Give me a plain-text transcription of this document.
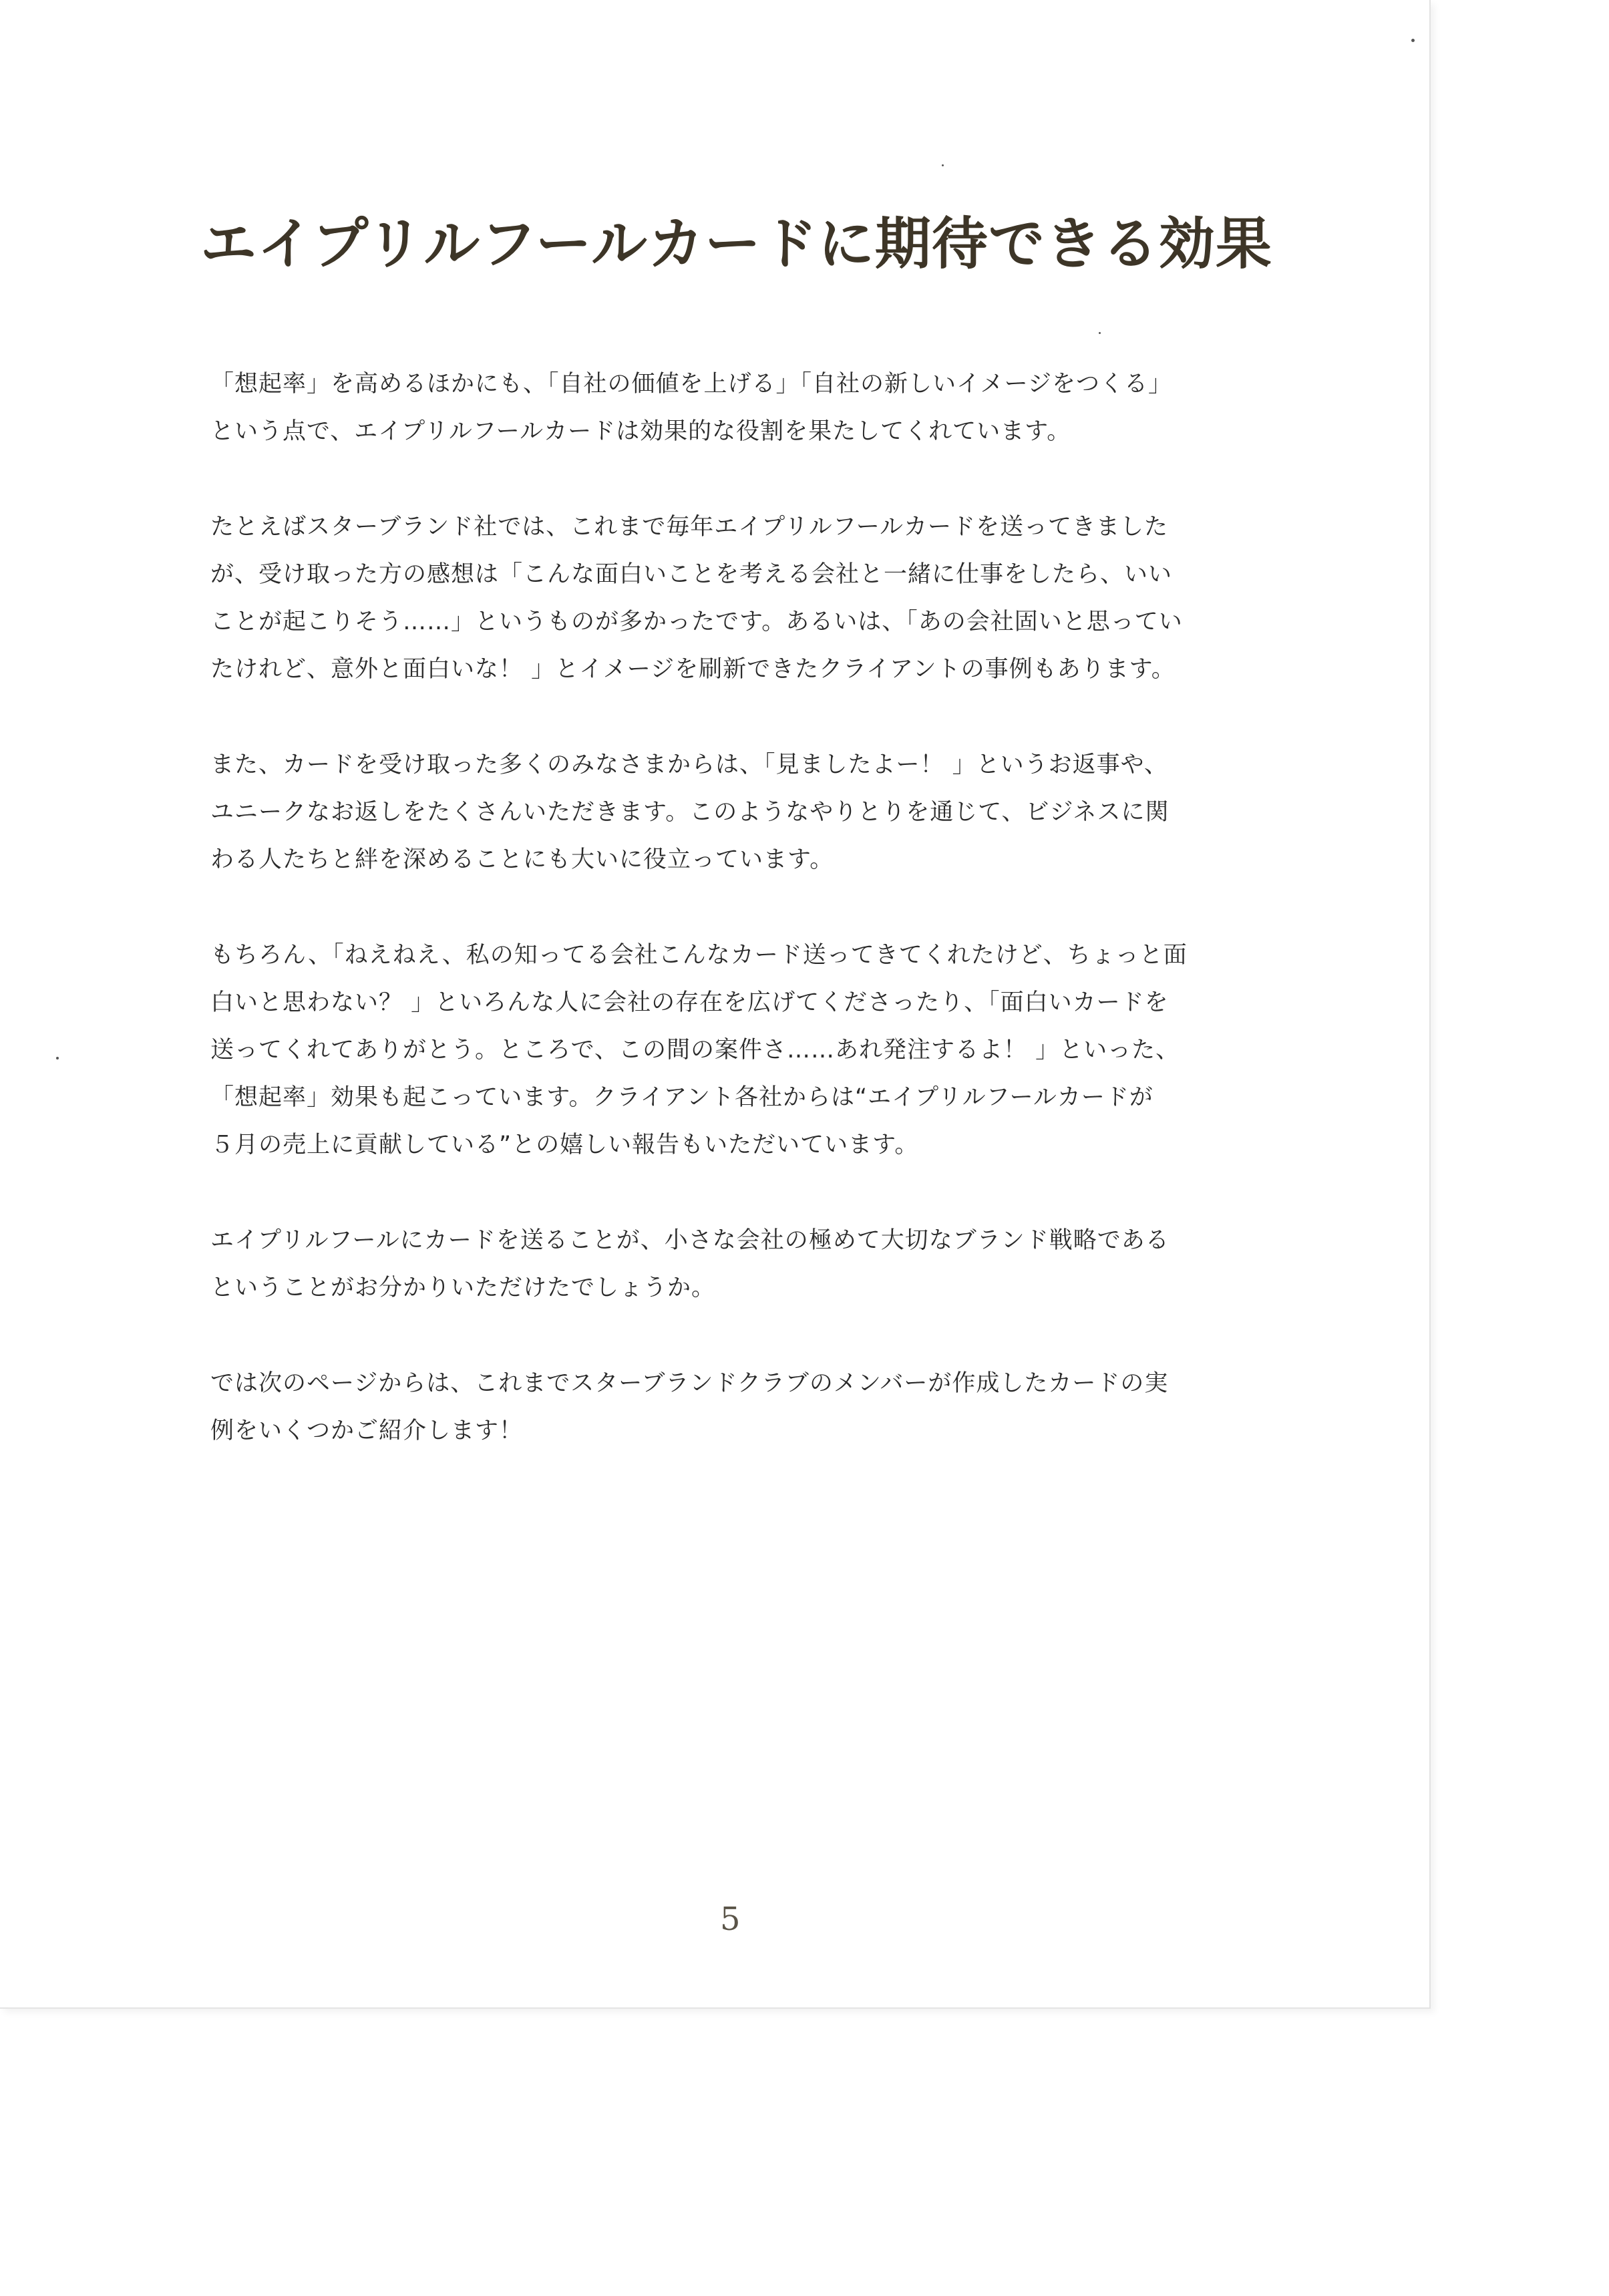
エイプリルフールカードに期待できる効果

「想起率」を高めるほかにも、「自社の価値を上げる」「自社の新しいイメージをつくる」
という点で、エイプリルフールカードは効果的な役割を果たしてくれています。

たとえばスターブランド社では、これまで毎年エイプリルフールカードを送ってきました
が、受け取った方の感想は「こんな面白いことを考える会社と一緒に仕事をしたら、いい
ことが起こりそう……」というものが多かったです。あるいは、「あの会社固いと思ってい
たけれど、意外と面白いな！ 」とイメージを刷新できたクライアントの事例もあります。

また、カードを受け取った多くのみなさまからは、「見ましたよー！ 」というお返事や、
ユニークなお返しをたくさんいただきます。このようなやりとりを通じて、ビジネスに関
わる人たちと絆を深めることにも大いに役立っています。

もちろん、「ねえねえ、私の知ってる会社こんなカード送ってきてくれたけど、ちょっと面
白いと思わない？ 」といろんな人に会社の存在を広げてくださったり、「面白いカードを
送ってくれてありがとう。ところで、この間の案件さ……あれ発注するよ！ 」といった、
「想起率」効果も起こっています。クライアント各社からは“エイプリルフールカードが
５月の売上に貢献している”との嬉しい報告もいただいています。

エイプリルフールにカードを送ることが、小さな会社の極めて大切なブランド戦略である
ということがお分かりいただけたでしょうか。

では次のページからは、これまでスターブランドクラブのメンバーが作成したカードの実
例をいくつかご紹介します！

5
